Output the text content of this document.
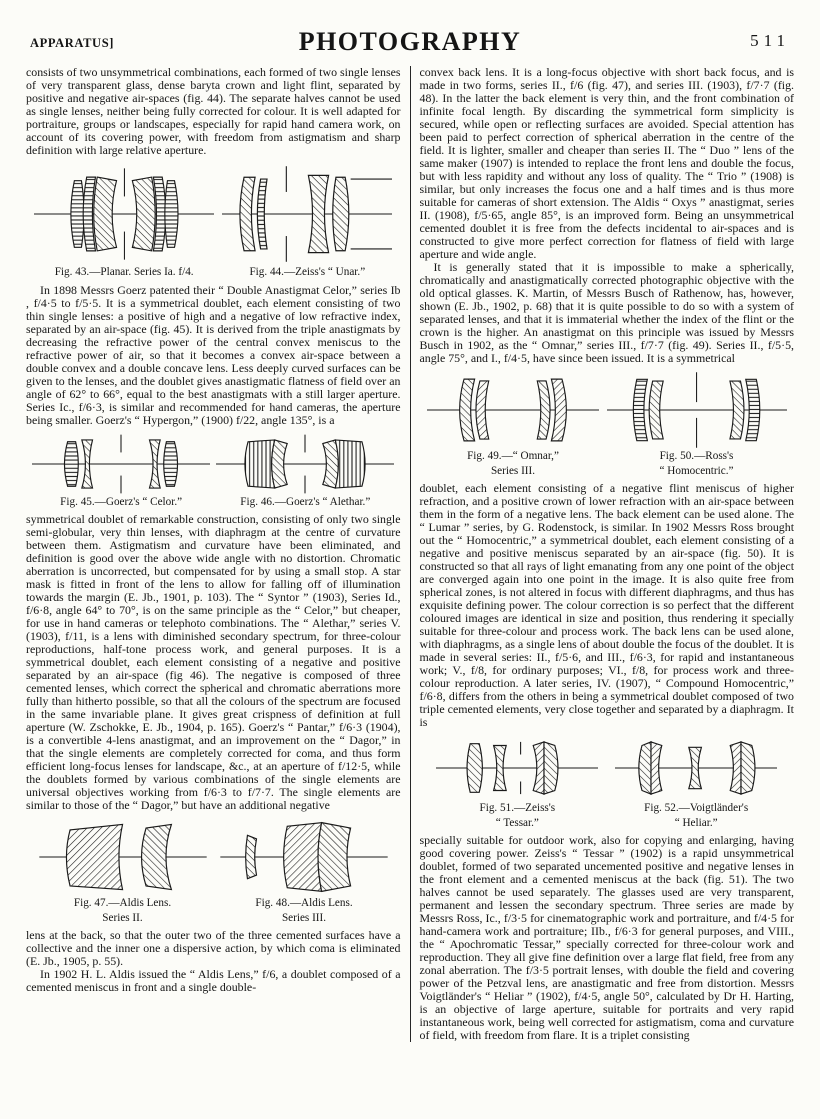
APPARATUS]	PHOTOGRAPHY	511

consists of two unsymmetrical combinations, each formed of two single lenses of very transparent glass, dense baryta crown and light flint, separated by positive and negative air-spaces (fig. 44). The separate halves cannot be used as single lenses, neither being fully corrected for colour. It is well adapted for portraiture, groups or landscapes, especially for rapid hand camera work, on account of its covering power, with freedom from astigmatism and sharp definition with large relative aperture.

Fig. 43.—Planar. Series Ia. f/4.	Fig. 44.—Zeiss's “ Unar.”

In 1898 Messrs Goerz patented their “ Double Anastigmat Celor,” series Ib , f/4·5 to f/5·5. It is a symmetrical doublet, each element consisting of two thin single lenses: a positive of high and a negative of low refractive index, separated by an air-space (fig. 45). It is derived from the triple anastigmats by decreasing the refractive power of the central convex meniscus to the refractive power of air, so that it becomes a convex air-space between a double convex and a double concave lens. Less deeply curved surfaces can be given to the lenses, and the doublet gives anastigmatic flatness of field over an angle of 62° to 66°, equal to the best anastigmats with a still larger aperture. Series Ic., f/6·3, is similar and recommended for hand cameras, the aperture being smaller. Goerz's “ Hypergon,” (1900) f/22, angle 135°, is a

Fig. 45.—Goerz's “ Celor.”	Fig. 46.—Goerz's “ Alethar.”

symmetrical doublet of remarkable construction, consisting of only two single semi-globular, very thin lenses, with diaphragm at the centre of curvature between them. Astigmatism and curvature have been eliminated, and definition is good over the above wide angle with no distortion. Chromatic aberration is uncorrected, but compensated for by using a small stop. A star mask is fitted in front of the lens to allow for falling off of illumination towards the margin (E. Jb., 1901, p. 103). The “ Syntor ” (1903), Series Id., f/6·8, angle 64° to 70°, is on the same principle as the “ Celor,” but cheaper, for use in hand cameras or telephoto combinations. The “ Alethar,” series V. (1903), f/11, is a lens with diminished secondary spectrum, for three-colour reproductions, half-tone process work, and general purposes. It is a symmetrical doublet, each element consisting of a negative and positive separated by an air-space (fig 46). The negative is composed of three cemented lenses, which correct the spherical and chromatic aberrations more fully than hitherto possible, so that all the colours of the spectrum are focused in the same invariable plane. It gives great crispness of definition at full aperture (W. Zschokke, E. Jb., 1904, p. 165). Goerz's “ Pantar,” f/6·3 (1904), is a convertible 4-lens anastigmat, and an improvement on the “ Dagor,” in that the single elements are completely corrected for coma, and thus form efficient long-focus lenses for landscape, &c., at an aperture of f/12·5, while the doublets formed by various combinations of the single elements are universal objectives working from f/6·3 to f/7·7. The single elements are similar to those of the “ Dagor,” but have an additional negative

Fig. 47.—Aldis Lens.
Series II.
Fig. 48.—Aldis Lens.
Series III.

lens at the back, so that the outer two of the three cemented surfaces have a collective and the inner one a dispersive action, by which coma is eliminated (E. Jb., 1905, p. 55).

In 1902 H. L. Aldis issued the “ Aldis Lens,” f/6, a doublet composed of a cemented meniscus in front and a single double-

convex back lens. It is a long-focus objective with short back focus, and is made in two forms, series II., f/6 (fig. 47), and series III. (1903), f/7·7 (fig. 48). In the latter the back element is very thin, and the front combination of infinite focal length. By discarding the symmetrical form simplicity is secured, while open or reflecting surfaces are avoided. Special attention has been paid to perfect correction of spherical aberration in the centre of the field. It is lighter, smaller and cheaper than series II. The “ Duo ” lens of the same maker (1907) is intended to replace the front lens and double the focus, but with less rapidity and without any loss of quality. The “ Trio ” (1908) is similar, but only increases the focus one and a half times and is thus more suitable for cameras of short extension. The Aldis “ Oxys ” anastigmat, series II. (1908), f/5·65, angle 85°, is an improved form. Being an unsymmetrical cemented doublet it is free from the defects incidental to air-spaces and is constructed to give more perfect correction for flatness of field with large aperture and wide angle.

It is generally stated that it is impossible to make a spherically, chromatically and anastigmatically corrected photographic objective with the old optical glasses. K. Martin, of Messrs Busch of Rathenow, has, however, shown (E. Jb., 1902, p. 68) that it is quite possible to do so with a system of separated lenses, and that it is immaterial whether the index of the flint or the crown is the higher. An anastigmat on this principle was issued by Messrs Busch in 1902, as the “ Omnar,” series III., f/7·7 (fig. 49). Series II., f/5·5, angle 75°, and I., f/4·5, have since been issued. It is a symmetrical

Fig. 49.—“ Omnar,”
Series III.
Fig. 50.—Ross's
“ Homocentric.”

doublet, each element consisting of a negative flint meniscus of higher refraction, and a positive crown of lower refraction with an air-space between them in the form of a negative lens. The back element can be used alone. The “ Lumar ” series, by G. Rodenstock, is similar. In 1902 Messrs Ross brought out the “ Homocentric,” a symmetrical doublet, each element consisting of a negative and positive meniscus separated by an air-space (fig. 50). It is constructed so that all rays of light emanating from any one point of the object are converged again into one point in the image. It is also quite free from spherical zones, is not altered in focus with different diaphragms, and thus has exquisite defining power. The colour correction is so perfect that the different coloured images are identical in size and position, thus rendering it specially suitable for three-colour and process work. The back lens can be used alone, with diaphragms, as a single lens of about double the focus of the doublet. It is made in several series: II., f/5·6, and III., f/6·3, for rapid and instantaneous work; V., f/8, for ordinary purposes; VI., f/8, for process work and three-colour reproduction. A later series, IV. (1907), “ Compound Homocentric,” f/6·8, differs from the others in being a symmetrical doublet composed of two triple cemented elements, very close together and separated by a diaphragm. It is

Fig. 51.—Zeiss's
“ Tessar.”
Fig. 52.—Voigtländer's
“ Heliar.”

specially suitable for outdoor work, also for copying and enlarging, having good covering power. Zeiss's “ Tessar ” (1902) is a rapid unsymmetrical doublet, formed of two separated uncemented positive and negative lenses in the front element and a cemented meniscus at the back (fig. 51). The two halves cannot be used separately. The glasses used are very transparent, permanent and lessen the secondary spectrum. Three series are made by Messrs Ross, Ic., f/3·5 for cinematographic work and portraiture, and f/4·5 for hand-camera work and portraiture; IIb., f/6·3 for general purposes, and VIII., the “ Apochromatic Tessar,” specially corrected for three-colour work and reproduction. They all give fine definition over a large flat field, free from any zonal aberration. The f/3·5 portrait lenses, with double the field and covering power of the Petzval lens, are anastigmatic and free from distortion. Messrs Voigtländer's “ Heliar ” (1902), f/4·5, angle 50°, calculated by Dr H. Harting, is an objective of large aperture, suitable for portraits and very rapid instantaneous work, being well corrected for astigmatism, coma and curvature of field, with freedom from flare. It is a triplet consisting
